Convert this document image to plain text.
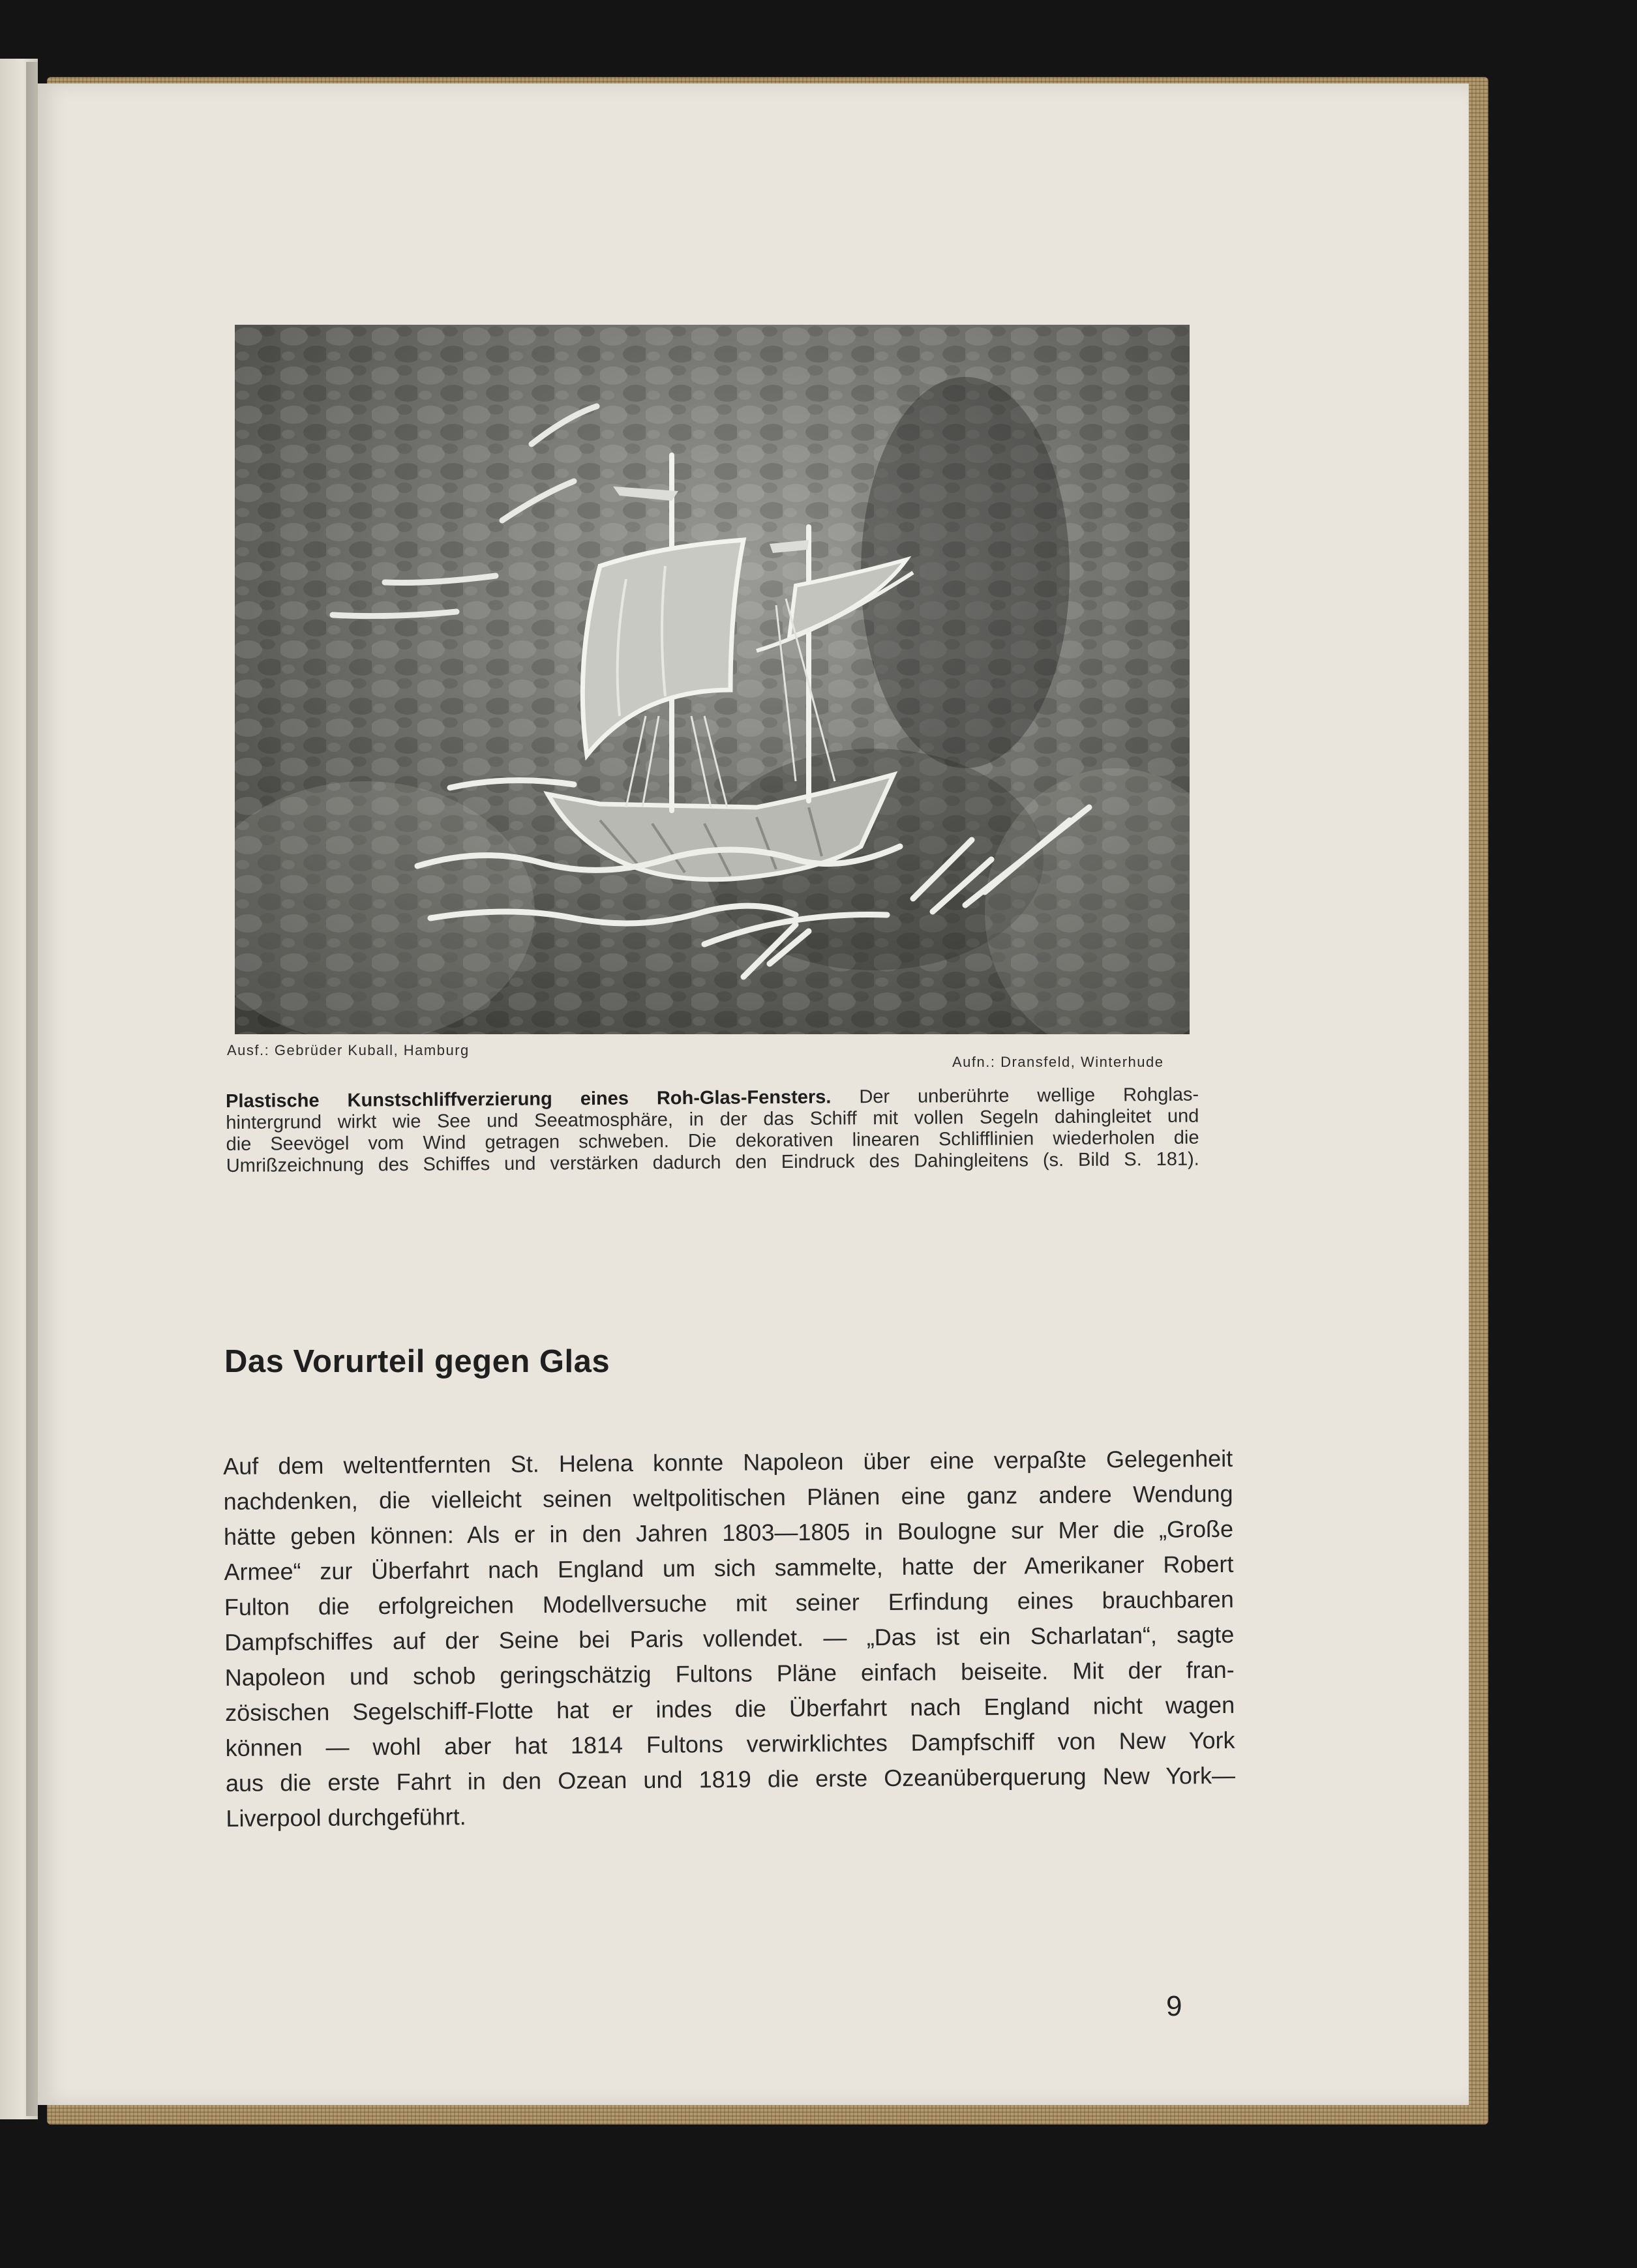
Ausf.: Gebrüder Kuball, Hamburg
Aufn.: Dransfeld, Winterhude
Plastische Kunstschliffverzierung eines Roh-Glas-Fensters. Der unberührte wellige Rohglas-
hintergrund wirkt wie See und Seeatmosphäre, in der das Schiff mit vollen Segeln dahingleitet und
die Seevögel vom Wind getragen schweben. Die dekorativen linearen Schlifflinien wiederholen die
Umrißzeichnung des Schiffes und verstärken dadurch den Eindruck des Dahingleitens (s. Bild S. 181).
Das Vorurteil gegen Glas
Auf dem weltentfernten St. Helena konnte Napoleon über eine verpaßte Gelegenheit
nachdenken, die vielleicht seinen weltpolitischen Plänen eine ganz andere Wendung
hätte geben können: Als er in den Jahren 1803—1805 in Boulogne sur Mer die „Große
Armee“ zur Überfahrt nach England um sich sammelte, hatte der Amerikaner Robert
Fulton die erfolgreichen Modellversuche mit seiner Erfindung eines brauchbaren
Dampfschiffes auf der Seine bei Paris vollendet. — „Das ist ein Scharlatan“, sagte
Napoleon und schob geringschätzig Fultons Pläne einfach beiseite. Mit der fran-
zösischen Segelschiff-Flotte hat er indes die Überfahrt nach England nicht wagen
können — wohl aber hat 1814 Fultons verwirklichtes Dampfschiff von New York
aus die erste Fahrt in den Ozean und 1819 die erste Ozeanüberquerung New York—
Liverpool durchgeführt.
9
